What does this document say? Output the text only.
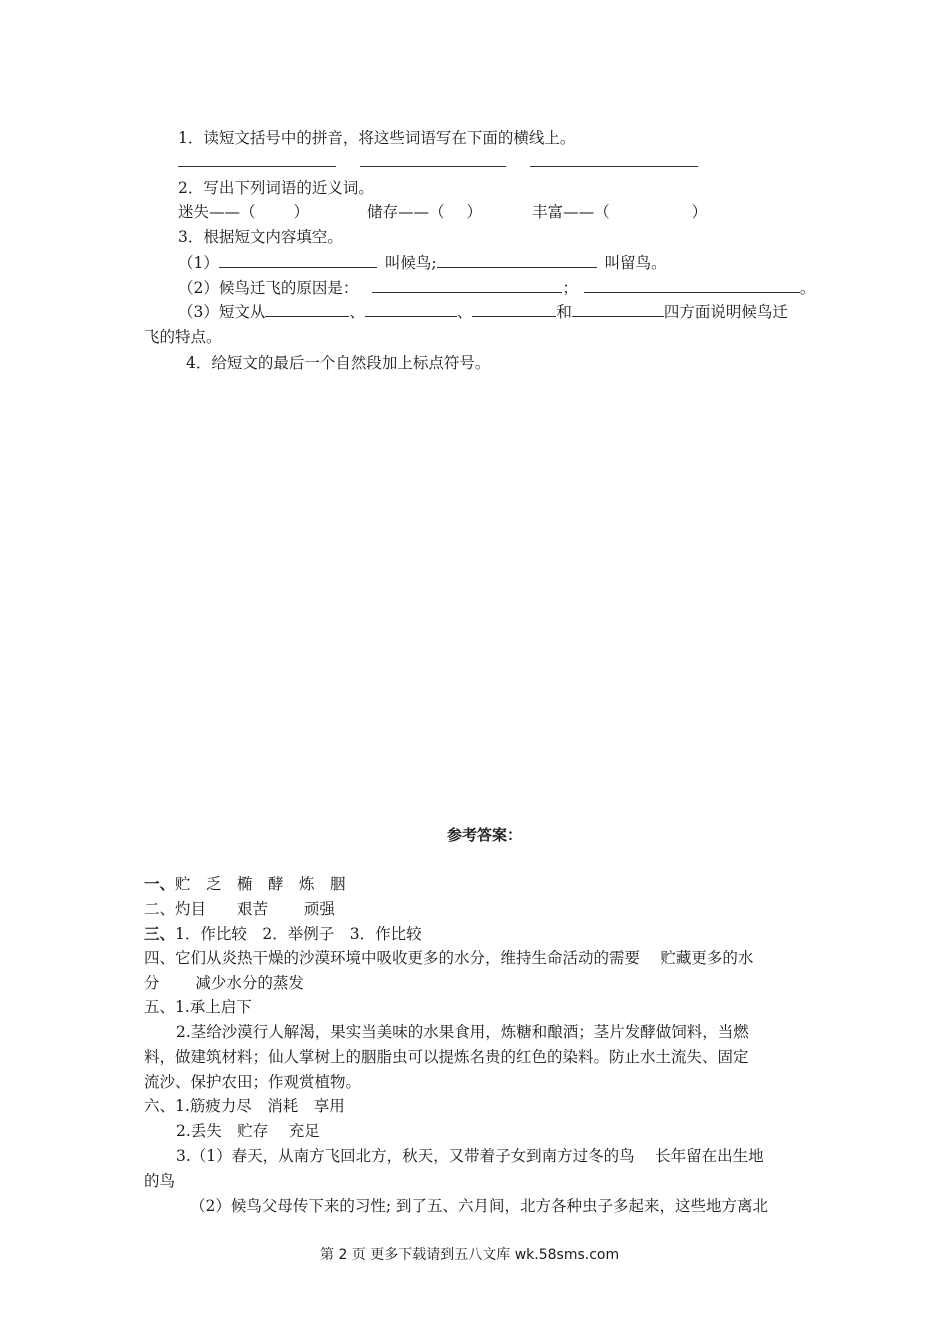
1．读短文括号中的拼音，将这些词语写在下面的横线上。
2．写出下列词语的近义词。
迷失——（ ）	储存——（ ）	丰富——（	）
3．根据短文内容填空。
（1）	叫候鸟;	叫留鸟。
（2）候鸟迁飞的原因是：	；	。
（3）短文从	、	、	和	四方面说明候鸟迁
飞的特点。
4．给短文的最后一个自然段加上标点符号。
参考答案：
一、贮　乏　椭　酵　炼　胭
二、灼目　　艰苦　　 顽强
三、1．作比较　2．举例子　3．作比较
四、它们从炎热干燥的沙漠环境中吸收更多的水分，维持生命活动的需要　 贮藏更多的水
分　　 减少水分的蒸发
五、1.承上启下
2.茎给沙漠行人解渴，果实当美味的水果食用，炼糖和酿酒；茎片发酵做饲料，当燃
料，做建筑材料；仙人掌树上的胭脂虫可以提炼名贵的红色的染料。防止水土流失、固定
流沙、保护农田；作观赏植物。
六、1.筋疲力尽　消耗　享用
2.丢失　贮存　 充足
3.（1）春天，从南方飞回北方，秋天，又带着子女到南方过冬的鸟　 长年留在出生地
的鸟
（2）候鸟父母传下来的习性; 到了五、六月间，北方各种虫子多起来，这些地方离北
第 2 页 更多下载请到五八文库 wk.58sms.com
